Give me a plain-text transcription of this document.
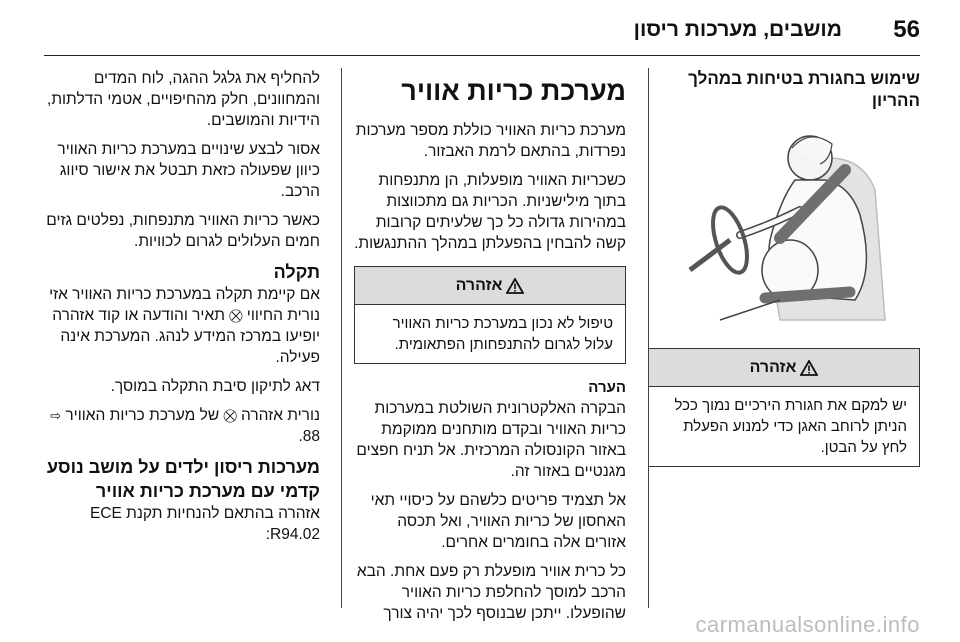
56
מושבים, מערכות ריסון
שימוש בחגורת בטיחות במהלך ההריון
אזהרה
יש למקם את חגורת הירכיים נמוך ככל הניתן לרוחב האגן כדי למנוע הפעלת לחץ על הבטן.
מערכת כריות אוויר

מערכת כריות האוויר כוללת מספר מערכות נפרדות, בהתאם לרמת האבזור.

כשכריות האוויר מופעלות, הן מתנפחות בתוך מילישניות. הכריות גם מתכווצות במהירות גדולה כל כך שלעיתים קרובות קשה להבחין בהפעלתן במהלך ההתנגשות.

אזהרה
טיפול לא נכון במערכת כריות האוויר עלול לגרום להתנפחותן הפתאומית.
הערה

הבקרה האלקטרונית השולטת במערכות כריות האוויר ובקדם מותחנים ממוקמת באזור הקונסולה המרכזית. אל תניח חפצים מגנטיים באזור זה.

אל תצמיד פריטים כלשהם על כיסויי תאי האחסון של כריות האוויר, ואל תכסה אזורים אלה בחומרים אחרים.

כל כרית אוויר מופעלת רק פעם אחת. הבא הרכב למוסך להחלפת כריות האוויר שהופעלו. ייתכן שבנוסף לכך יהיה צורך

להחליף את גלגל ההגה, לוח המדים והמחוונים, חלק מהחיפויים, אטמי הדלתות, הידיות והמושבים.

אסור לבצע שינויים במערכת כריות האוויר כיוון שפעולה כזאת תבטל את אישור סיווג הרכב.

כאשר כריות האוויר מתנפחות, נפלטים גזים חמים העלולים לגרום לכוויות.

תקלה

אם קיימת תקלה במערכת כריות האוויר אזי נורית החיווי ⛒ תאיר והודעה או קוד אזהרה יופיעו במרכז המידע לנהג. המערכת אינה פעילה.

דאג לתיקון סיבת התקלה במוסך.

נורית אזהרה ⛒ של מערכת כריות האוויר ⇨ 88.

מערכות ריסון ילדים על מושב נוסע קדמי עם מערכת כריות אוויר

אזהרה בהתאם להנחיות תקנת ECE R94.02:

carmanualsonline.info
